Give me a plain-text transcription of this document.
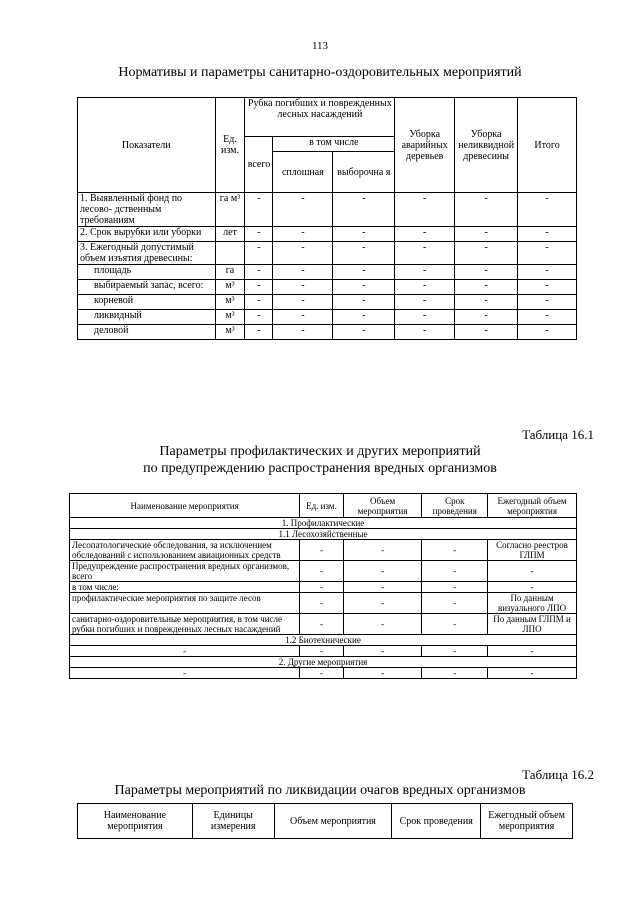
113
Нормативы и параметры санитарно-оздоровительных мероприятий
Показатели	Ед. изм.	Рубка погибших и поврежденных лесных насаждений			Уборка аварийных деревьев	Уборка неликвидной древесины	Итого
		всего	в том числе				
			сплошная	выборочна я			
1. Выявленный фонд по лесово- дственным требованиям	га м³	-	-	-	-	-	-
2. Срок вырубки или уборки	лет	-	-	-	-	-	-
3. Ежегодный допустимый объем изъятия древесины:		-	-	-	-	-	-
площадь	га	-	-	-	-	-	-
выбираемый запас, всего:	м³	-	-	-	-	-	-
корневой	м³	-	-	-	-	-	-
ликвидный	м³	-	-	-	-	-	-
деловой	м³	-	-	-	-	-	-
Таблица 16.1
Параметры профилактических и других мероприятий
по предупреждению распространения вредных организмов
Наименование мероприятия	Ед. изм.	Объем мероприятия	Срок проведения	Ежегодный объем мероприятия
1. Профилактические				
1.1 Лесохозяйственные				
Лесопатологические обследования, за исключением обследований с использованием авиационных средств	-	-	-	Согласно реестров ГЛПМ
Предупреждение распространения вредных организмов, всего	-	-	-	-
в том числе:	-	-	-	-
профилактические мероприятия по защите лесов	-	-	-	По данным визуального ЛПО
санитарно-оздоровительные мероприятия, в том числе рубки погибших и поврежденных лесных насаждений	-	-	-	По данным ГЛПМ и ЛПО
1.2 Биотехнические				
-	-	-	-	-
2. Другие мероприятия				
-	-	-	-	-
Таблица 16.2
Параметры мероприятий по ликвидации очагов вредных организмов
Наименование мероприятия	Единицы измерения	Объем мероприятия	Срок проведения	Ежегодный объем мероприятия
